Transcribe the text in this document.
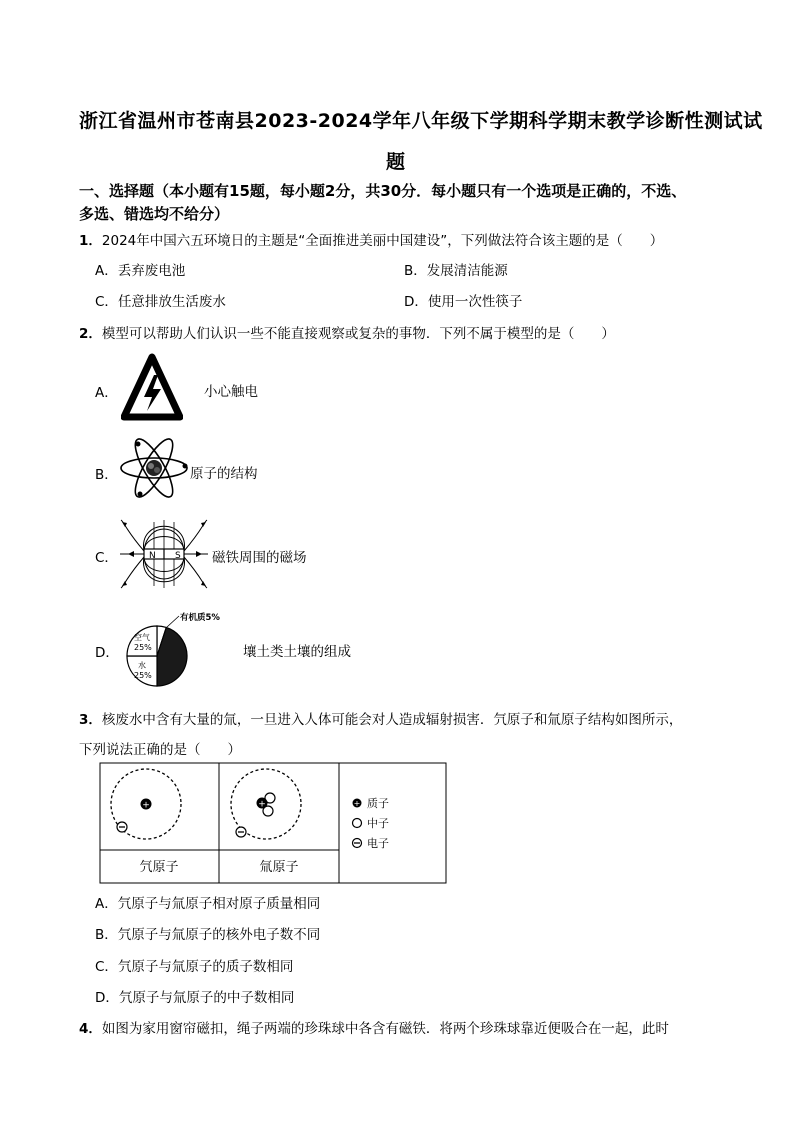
浙江省温州市苍南县2023-2024学年八年级下学期科学期末教学诊断性测试试
题
一、选择题（本小题有15题，每小题2分，共30分．每小题只有一个选项是正确的，不选、
多选、错选均不给分）
1．2024年中国六五环境日的主题是“全面推进美丽中国建设”，下列做法符合该主题的是（　　）
A．丢弃废电池	B．发展清洁能源
C．任意排放生活废水	D．使用一次性筷子
2．模型可以帮助人们认识一些不能直接观察或复杂的事物．下列不属于模型的是（　　）
A．	小心触电
B．	原子的结构
C．	N S 磁铁周围的磁场
D．
有机质5%
空气
25%
水
25%
壤土类土壤的组成
3．核废水中含有大量的氚，一旦进入人体可能会对人造成辐射损害．氕原子和氚原子结构如图所示，
下列说法正确的是（　　）
+	+	+ 质子
中子
电子
氕原子	氚原子
A．氕原子与氚原子相对原子质量相同
B．氕原子与氚原子的核外电子数不同
C．氕原子与氚原子的质子数相同
D．氕原子与氚原子的中子数相同
4．如图为家用窗帘磁扣，绳子两端的珍珠球中各含有磁铁．将两个珍珠球靠近便吸合在一起，此时
